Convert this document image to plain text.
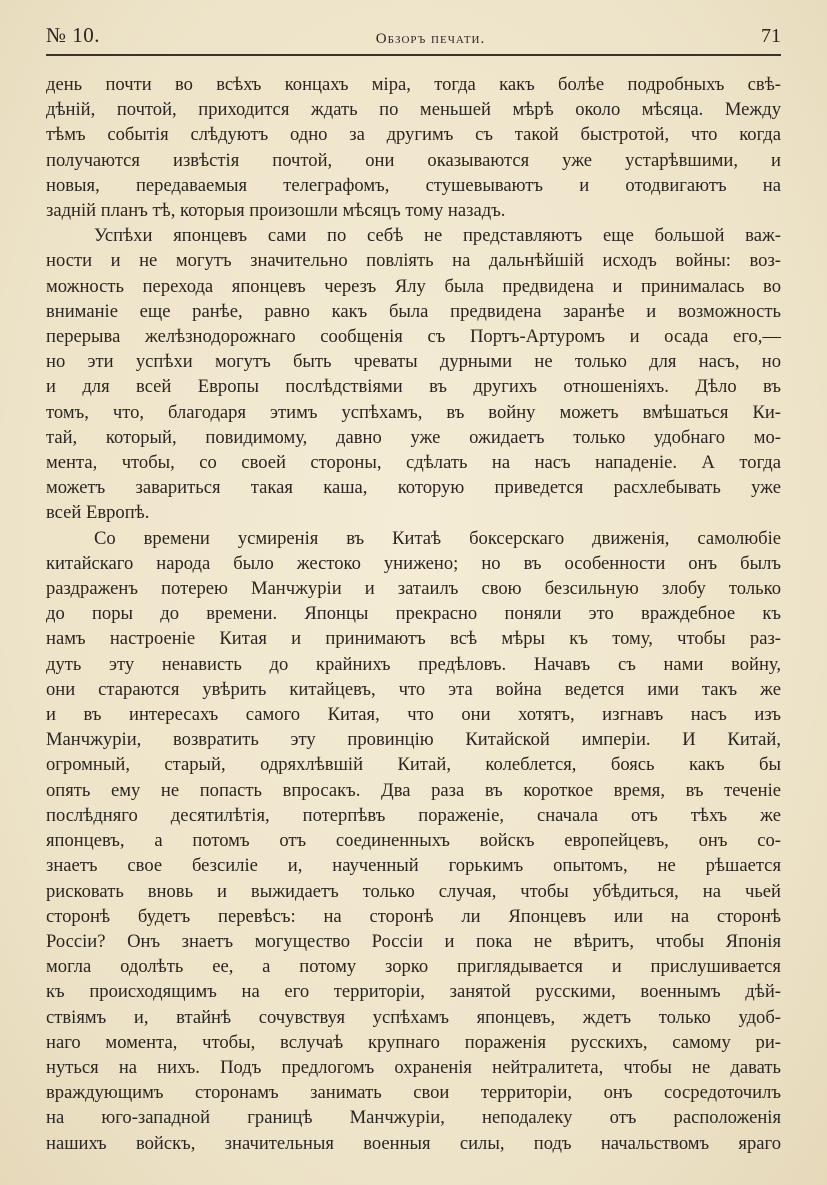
№ 10.	Обзоръ печати.	71
день почти во всѣхъ концахъ міра, тогда какъ болѣе подробныхъ свѣ-
дѣній, почтой, приходится ждать по меньшей мѣрѣ около мѣсяца. Между
тѣмъ событія слѣдуютъ одно за другимъ съ такой быстротой, что когда
получаются извѣстія почтой, они оказываются уже устарѣвшими, и
новыя, передаваемыя телеграфомъ, стушевываютъ и отодвигаютъ на
задній планъ тѣ, которыя произошли мѣсяцъ тому назадъ.
Успѣхи японцевъ сами по себѣ не представляютъ еще большой важ-
ности и не могутъ значительно повліять на дальнѣйшій исходъ войны: воз-
можность перехода японцевъ черезъ Ялу была предвидена и принималась во
вниманіе еще ранѣе, равно какъ была предвидена заранѣе и возможность
перерыва желѣзнодорожнаго сообщенія съ Портъ-Артуромъ и осада его,—
но эти успѣхи могутъ быть чреваты дурными не только для насъ, но
и для всей Европы послѣдствіями въ другихъ отношеніяхъ. Дѣло въ
томъ, что, благодаря этимъ успѣхамъ, въ войну можетъ вмѣшаться Ки-
тай, который, повидимому, давно уже ожидаетъ только удобнаго мо-
мента, чтобы, со своей стороны, сдѣлать на насъ нападеніе. А тогда
можетъ завариться такая каша, которую приведется расхлебывать уже
всей Европѣ.
Со времени усмиренія въ Китаѣ боксерскаго движенія, самолюбіе
китайскаго народа было жестоко унижено; но въ особенности онъ былъ
раздраженъ потерею Манчжуріи и затаилъ свою безсильную злобу только
до поры до времени. Японцы прекрасно поняли это враждебное къ
намъ настроеніе Китая и принимаютъ всѣ мѣры къ тому, чтобы раз-
дуть эту ненависть до крайнихъ предѣловъ. Начавъ съ нами войну,
они стараются увѣрить китайцевъ, что эта война ведется ими такъ же
и въ интересахъ самого Китая, что они хотятъ, изгнавъ насъ изъ
Манчжуріи, возвратить эту провинцію Китайской имперіи. И Китай,
огромный, старый, одряхлѣвшій Китай, колеблется, боясь какъ бы
опять ему не попасть впросакъ. Два раза въ короткое время, въ теченіе
послѣдняго десятилѣтія, потерпѣвъ пораженіе, сначала отъ тѣхъ же
японцевъ, а потомъ отъ соединенныхъ войскъ европейцевъ, онъ со-
знаетъ свое безсиліе и, наученный горькимъ опытомъ, не рѣшается
рисковать вновь и выжидаетъ только случая, чтобы убѣдиться, на чьей
сторонѣ будетъ перевѣсъ: на сторонѣ ли Японцевъ или на сторонѣ
Россіи? Онъ знаетъ могущество Россіи и пока не вѣритъ, чтобы Японія
могла одолѣть ее, а потому зорко приглядывается и прислушивается
къ происходящимъ на его территоріи, занятой русскими, военнымъ дѣй-
ствіямъ и, втайнѣ сочувствуя успѣхамъ японцевъ, ждетъ только удоб-
наго момента, чтобы, вслучаѣ крупнаго пораженія русскихъ, самому ри-
нуться на нихъ. Подъ предлогомъ охраненія нейтралитета, чтобы не давать
враждующимъ сторонамъ занимать свои территоріи, онъ сосредоточилъ
на юго-западной границѣ Манчжуріи, неподалеку отъ расположенія
нашихъ войскъ, значительныя военныя силы, подъ начальствомъ яраго
